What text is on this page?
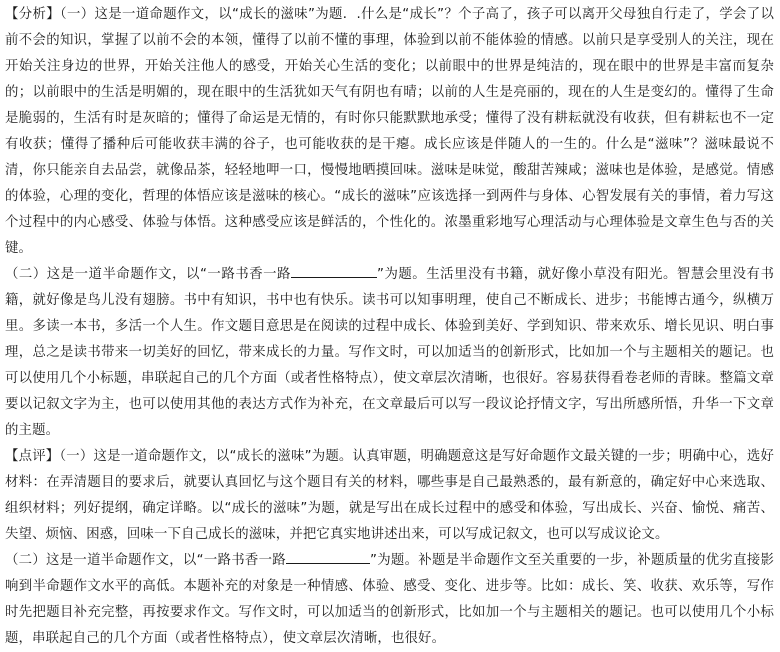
【分析】（一）这是一道命题作文，以“成长的滋味”为题．.什么是“成长”？个子高了，孩子可以离开父母独自行走了，学会了以前不会的知识，掌握了以前不会的本领，懂得了以前不懂的事理，体验到以前不能体验的情感。以前只是享受别人的关注，现在开始关注身边的世界，开始关注他人的感受，开始关心生活的变化；以前眼中的世界是纯洁的，现在眼中的世界是丰富而复杂的；以前眼中的生活是明媚的，现在眼中的生活犹如天气有阴也有晴；以前的人生是亮丽的，现在的人生是变幻的。懂得了生命是脆弱的，生活有时是灰暗的；懂得了命运是无情的，有时你只能默默地承受；懂得了没有耕耘就没有收获，但有耕耘也不一定有收获；懂得了播种后可能收获丰满的谷子，也可能收获的是干瘪。成长应该是伴随人的一生的。什么是“滋味”？滋味最说不清，你只能亲自去品尝，就像品茶，轻轻地呷一口，慢慢地晒摸回味。滋味是味觉，酸甜苦辣咸；滋味也是体验，是感觉。情感的体验，心理的变化，哲理的体悟应该是滋味的核心。“成长的滋味”应该选择一到两件与身体、心智发展有关的事情，着力写这个过程中的内心感受、体验与体悟。这种感受应该是鲜活的，个性化的。浓墨重彩地写心理活动与心理体验是文章生色与否的关键。

（二）这是一道半命题作文，以“一路书香一路	”为题。生活里没有书籍，就好像小草没有阳光。智慧会里没有书籍，就好像是鸟儿没有翅膀。书中有知识，书中也有快乐。读书可以知事明理，使自己不断成长、进步；书能博古通今，纵横万里。多读一本书，多活一个人生。作文题目意思是在阅读的过程中成长、体验到美好、学到知识、带来欢乐、增长见识、明白事理，总之是读书带来一切美好的回忆，带来成长的力量。写作文时，可以加适当的创新形式，比如加一个与主题相关的题记。也可以使用几个小标题，串联起自己的几个方面（或者性格特点），使文章层次清晰，也很好。容易获得看卷老师的青睐。整篇文章要以记叙文字为主，也可以使用其他的表达方式作为补充，在文章最后可以写一段议论抒情文字，写出所感所悟，升华一下文章的主题。

【点评】（一）这是一道命题作文，以“成长的滋味”为题。认真审题，明确题意这是写好命题作文最关键的一步；明确中心，选好材料：在弄清题目的要求后，就要认真回忆与这个题目有关的材料，哪些事是自己最熟悉的，最有新意的，确定好中心来选取、组织材料；列好提纲，确定详略。以“成长的滋味”为题，就是写出在成长过程中的感受和体验，写出成长、兴奋、愉悦、痛苦、失望、烦恼、困惑，回味一下自己成长的滋味，并把它真实地讲述出来，可以写成记叙文，也可以写成议论文。

（二）这是一道半命题作文，以“一路书香一路	”为题。补题是半命题作文至关重要的一步，补题质量的优劣直接影响到半命题作文水平的高低。本题补充的对象是一种情感、体验、感受、变化、进步等。比如：成长、笑、收获、欢乐等，写作时先把题目补充完整，再按要求作文。写作文时，可以加适当的创新形式，比如加一个与主题相关的题记。也可以使用几个小标题，串联起自己的几个方面（或者性格特点），使文章层次清晰，也很好。
